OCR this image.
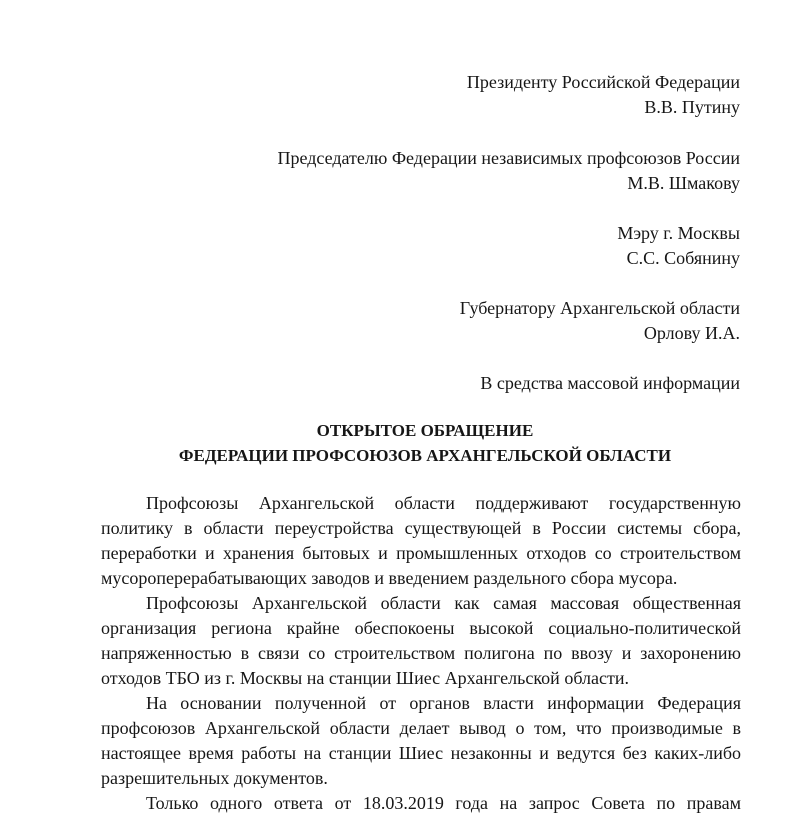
Президенту Российской Федерации
В.В. Путину
Председателю Федерации независимых профсоюзов России
М.В. Шмакову
Мэру г. Москвы
С.С. Собянину
Губернатору Архангельской области
Орлову И.А.
В средства массовой информации
ОТКРЫТОЕ ОБРАЩЕНИЕ
ФЕДЕРАЦИИ ПРОФСОЮЗОВ АРХАНГЕЛЬСКОЙ ОБЛАСТИ
Профсоюзы Архангельской области поддерживают государственную
политику в области переустройства существующей в России системы сбора,
переработки и хранения бытовых и промышленных отходов со строительством
мусороперерабатывающих заводов и введением раздельного сбора мусора.
Профсоюзы Архангельской области как самая массовая общественная
организация региона крайне обеспокоены высокой социально-политической
напряженностью в связи со строительством полигона по ввозу и захоронению
отходов ТБО из г. Москвы на станции Шиес Архангельской области.
На основании полученной от органов власти информации Федерация
профсоюзов Архангельской области делает вывод о том, что производимые в
настоящее время работы на станции Шиес незаконны и ведутся без каких-либо
разрешительных документов.
Только одного ответа от 18.03.2019 года на запрос Совета по правам
